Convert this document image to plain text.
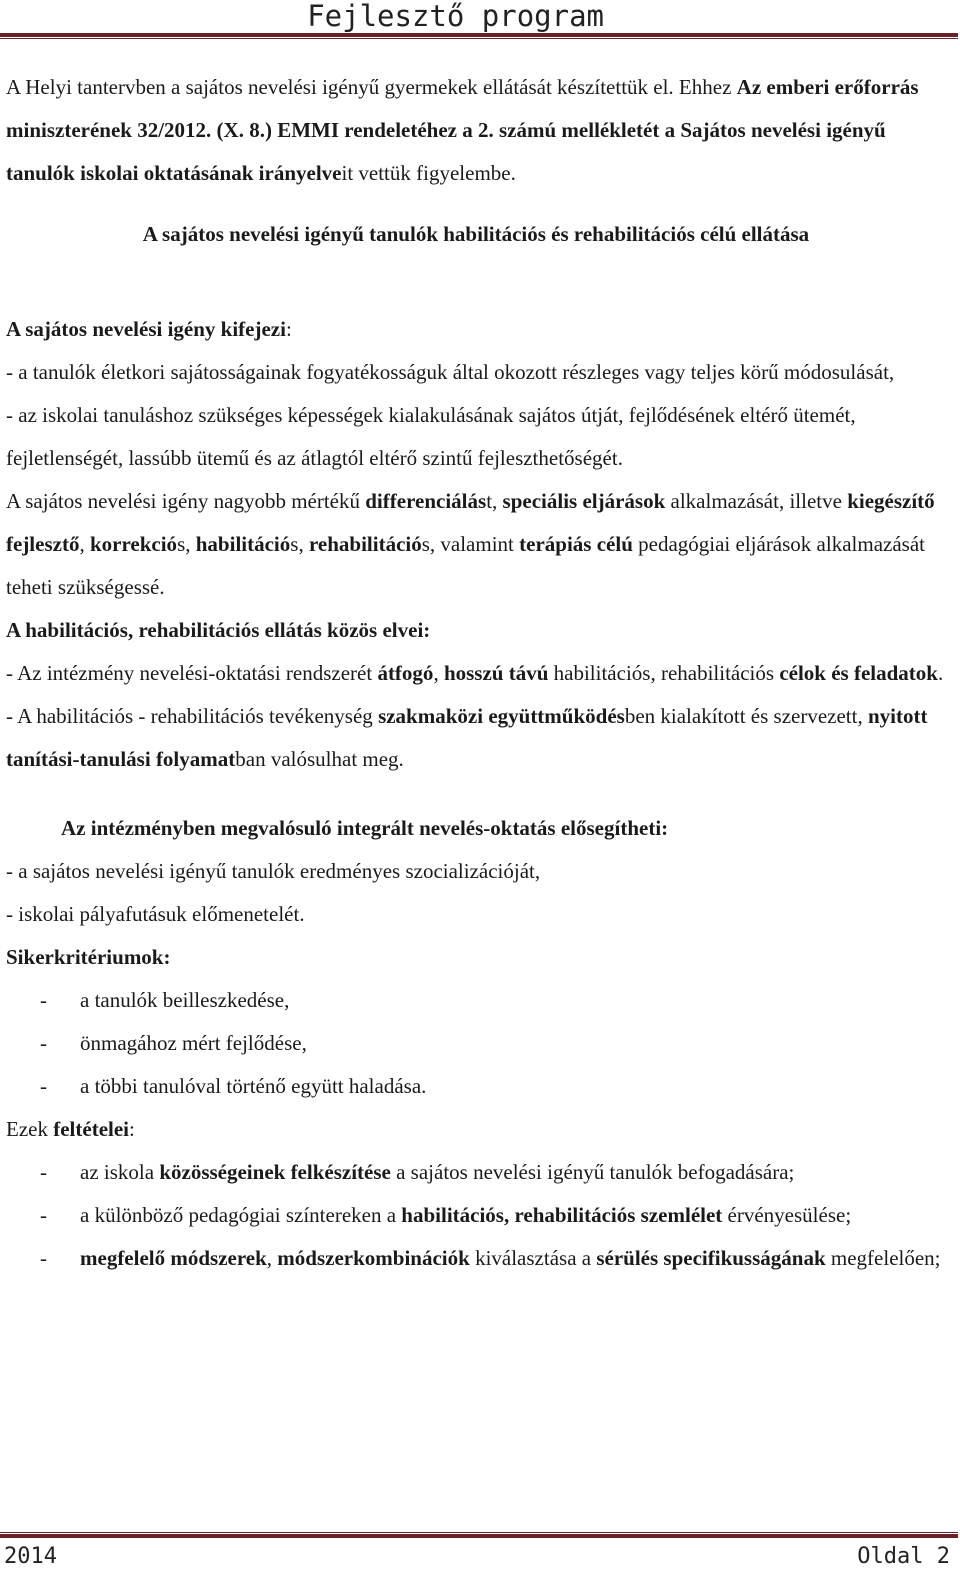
Fejlesztő program

A Helyi tantervben a sajátos nevelési igényű gyermekek ellátását készítettük el. Ehhez Az emberi erőforrás miniszterének 32/2012. (X. 8.) EMMI rendeletéhez a 2. számú mellékletét a Sajátos nevelési igényű tanulók iskolai oktatásának irányelveit vettük figyelembe.

A sajátos nevelési igényű tanulók habilitációs és rehabilitációs célú ellátása

A sajátos nevelési igény kifejezi:

- a tanulók életkori sajátosságainak fogyatékosságuk által okozott részleges vagy teljes körű módosulását,

- az iskolai tanuláshoz szükséges képességek kialakulásának sajátos útját, fejlődésének eltérő ütemét, fejletlenségét, lassúbb ütemű és az átlagtól eltérő szintű fejleszthetőségét.

A sajátos nevelési igény nagyobb mértékű differenciálást, speciális eljárások alkalmazását, illetve kiegészítő fejlesztő, korrekciós, habilitációs, rehabilitációs, valamint terápiás célú pedagógiai eljárások alkalmazását teheti szükségessé.

A habilitációs, rehabilitációs ellátás közös elvei:

- Az intézmény nevelési-oktatási rendszerét átfogó, hosszú távú habilitációs, rehabilitációs célok és feladatok.

- A habilitációs - rehabilitációs tevékenység szakmaközi együttműködésben kialakított és szervezett, nyitott tanítási-tanulási folyamatban valósulhat meg.

Az intézményben megvalósuló integrált nevelés-oktatás elősegítheti:

- a sajátos nevelési igényű tanulók eredményes szocializációját,

- iskolai pályafutásuk előmenetelét.

Sikerkritériumok:

- a tanulók beilleszkedése,
- önmagához mért fejlődése,
- a többi tanulóval történő együtt haladása.

Ezek feltételei:

- az iskola közösségeinek felkészítése a sajátos nevelési igényű tanulók befogadására;
- a különböző pedagógiai színtereken a habilitációs, rehabilitációs szemlélet érvényesülése;
- megfelelő módszerek, módszerkombinációk kiválasztása a sérülés specifikusságának megfelelően;
2014	Oldal 2
